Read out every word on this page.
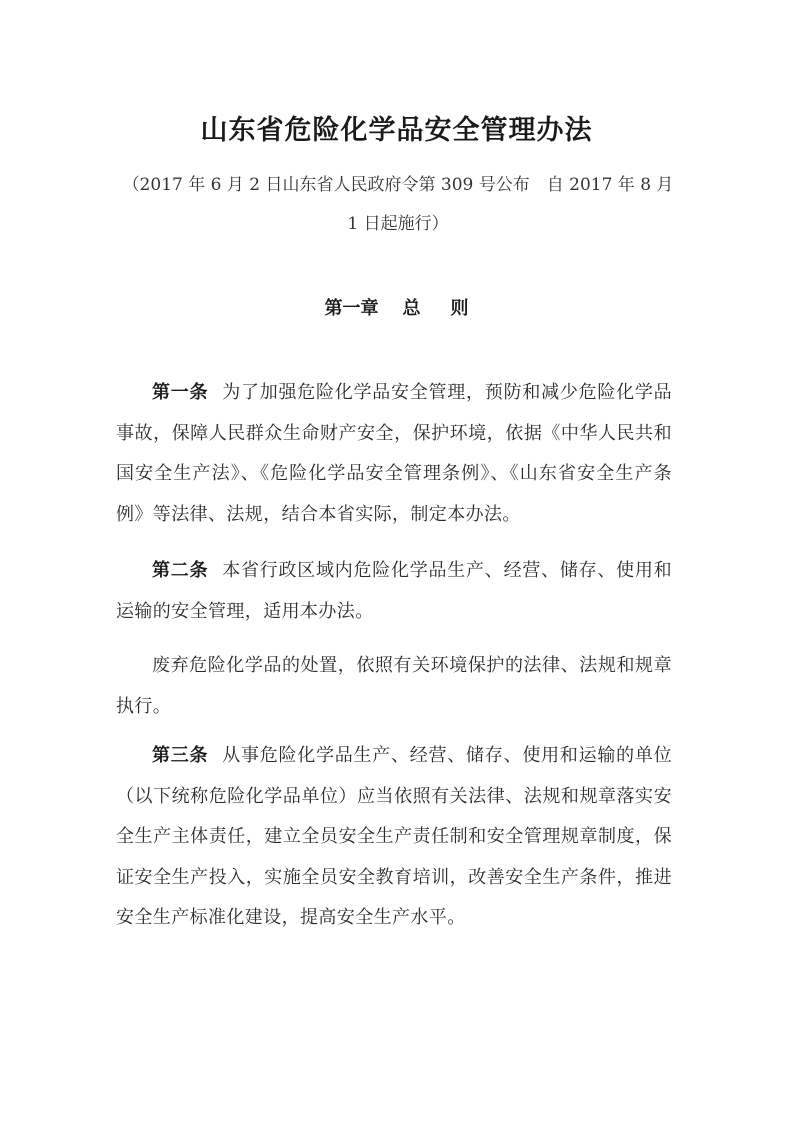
山东省危险化学品安全管理办法
（2017 年 6 月 2 日山东省人民政府令第 309 号公布　自 2017 年 8 月 1 日起施行）
第一章 总 则
第一条 为了加强危险化学品安全管理，预防和减少危险化学品事故，保障人民群众生命财产安全，保护环境，依据《中华人民共和国安全生产法》、《危险化学品安全管理条例》、《山东省安全生产条例》等法律、法规，结合本省实际，制定本办法。
第二条 本省行政区域内危险化学品生产、经营、储存、使用和运输的安全管理，适用本办法。
废弃危险化学品的处置，依照有关环境保护的法律、法规和规章执行。
第三条 从事危险化学品生产、经营、储存、使用和运输的单位（以下统称危险化学品单位）应当依照有关法律、法规和规章落实安全生产主体责任，建立全员安全生产责任制和安全管理规章制度，保证安全生产投入，实施全员安全教育培训，改善安全生产条件，推进安全生产标准化建设，提高安全生产水平。
